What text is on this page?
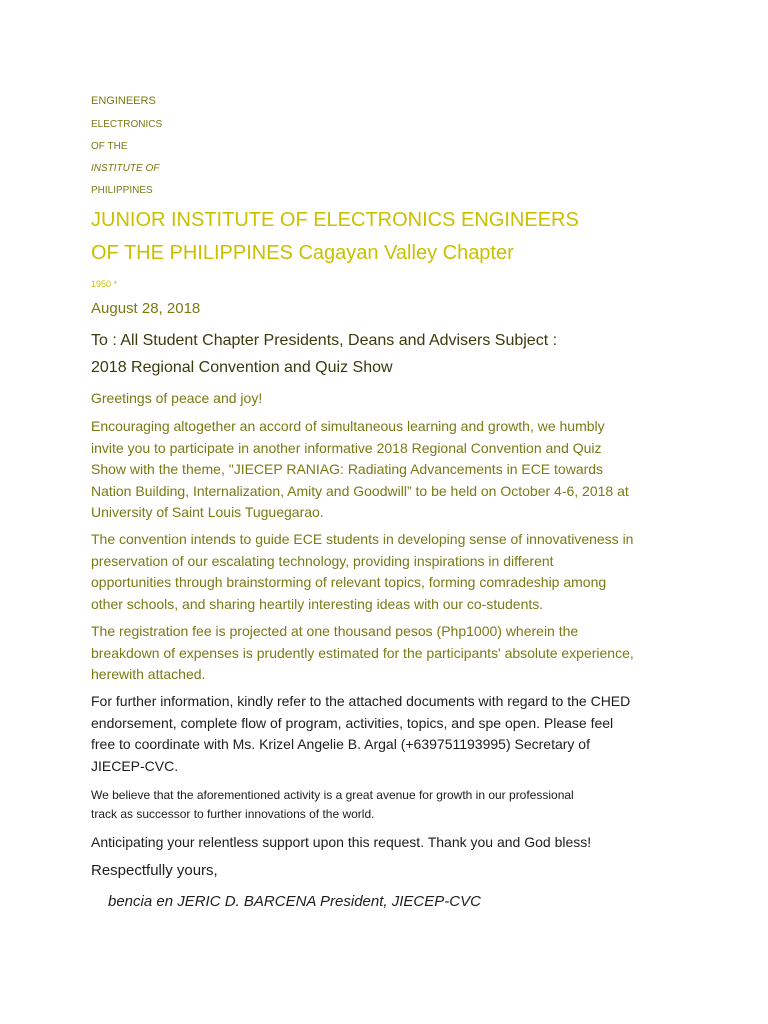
ENGINEERS

ELECTRONICS

OF THE

INSTITUTE OF

PHILIPPINES

JUNIOR INSTITUTE OF ELECTRONICS ENGINEERS

OF THE PHILIPPINES Cagayan Valley Chapter

1950 *

August 28, 2018

To : All Student Chapter Presidents, Deans and Advisers Subject :

2018 Regional Convention and Quiz Show

Greetings of peace and joy!

Encouraging altogether an accord of simultaneous learning and growth, we humbly
invite you to participate in another informative 2018 Regional Convention and Quiz
Show with the theme, "JIECEP RANIAG: Radiating Advancements in ECE towards
Nation Building, Internalization, Amity and Goodwill” to be held on October 4-6, 2018 at
University of Saint Louis Tuguegarao.
The convention intends to guide ECE students in developing sense of innovativeness in
preservation of our escalating technology, providing inspirations in different
opportunities through brainstorming of relevant topics, forming comradeship among
other schools, and sharing heartily interesting ideas with our co-students.
The registration fee is projected at one thousand pesos (Php1000) wherein the
breakdown of expenses is prudently estimated for the participants' absolute experience,
herewith attached.
For further information, kindly refer to the attached documents with regard to the CHED
endorsement, complete flow of program, activities, topics, and spe open. Please feel
free to coordinate with Ms. Krizel Angelie B. Argal (+639751193995) Secretary of
JIECEP-CVC.
We believe that the aforementioned activity is a great avenue for growth in our professional
track as successor to further innovations of the world.

Anticipating your relentless support upon this request. Thank you and God bless!

Respectfully yours,

bencia en JERIC D. BARCENA President, JIECEP-CVC
